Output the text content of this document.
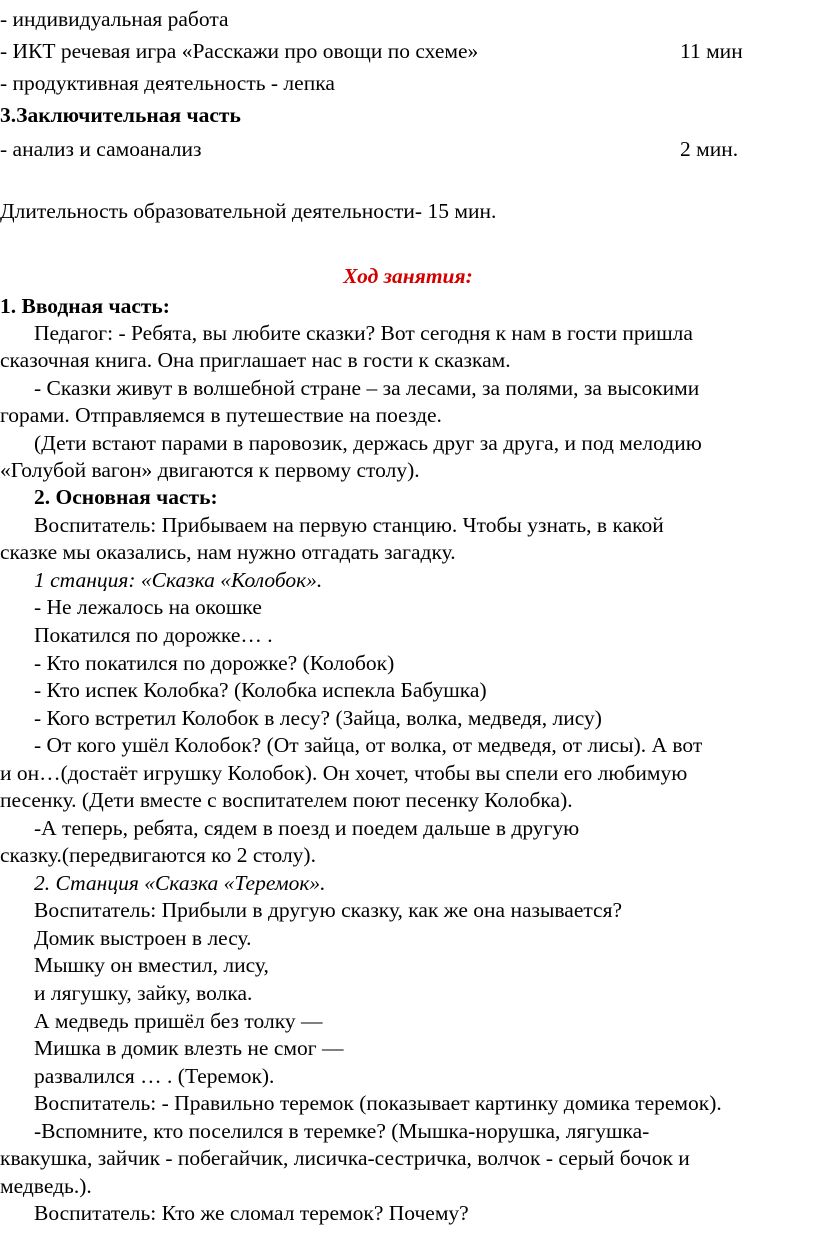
- индивидуальная работа
- ИКТ речевая игра «Расскажи про овощи по схеме»	11 мин
- продуктивная деятельность - лепка
3.Заключительная часть
- анализ и самоанализ	2 мин.
Длительность образовательной деятельности- 15 мин.
Ход занятия:
1. Вводная часть:
Педагог: - Ребята, вы любите сказки? Вот сегодня к нам в гости пришла
сказочная книга. Она приглашает нас в гости к сказкам.
- Сказки живут в волшебной стране – за лесами, за полями, за высокими
горами. Отправляемся в путешествие на поезде.
(Дети встают парами в паровозик, держась друг за друга, и под мелодию
«Голубой вагон» двигаются к первому столу).
2. Основная часть:
Воспитатель: Прибываем на первую станцию. Чтобы узнать, в какой
сказке мы оказались, нам нужно отгадать загадку.
1 станция: «Сказка «Колобок».
- Не лежалось на окошке
Покатился по дорожке… .
- Кто покатился по дорожке? (Колобок)
- Кто испек Колобка? (Колобка испекла Бабушка)
- Кого встретил Колобок в лесу? (Зайца, волка, медведя, лису)
- От кого ушёл Колобок? (От зайца, от волка, от медведя, от лисы). А вот
и он…(достаёт игрушку Колобок). Он хочет, чтобы вы спели его любимую
песенку. (Дети вместе с воспитателем поют песенку Колобка).
-А теперь, ребята, сядем в поезд и поедем дальше в другую
сказку.(передвигаются ко 2 столу).
2. Станция «Сказка «Теремок».
Воспитатель: Прибыли в другую сказку, как же она называется?
Домик выстроен в лесу.
Мышку он вместил, лису,
и лягушку, зайку, волка.
А медведь пришёл без толку —
Мишка в домик влезть не смог —
развалился … . (Теремок).
Воспитатель: - Правильно теремок (показывает картинку домика теремок).
-Вспомните, кто поселился в теремке? (Мышка-норушка, лягушка-
квакушка, зайчик - побегайчик, лисичка-сестричка, волчок - серый бочок и
медведь.).
Воспитатель: Кто же сломал теремок? Почему?
